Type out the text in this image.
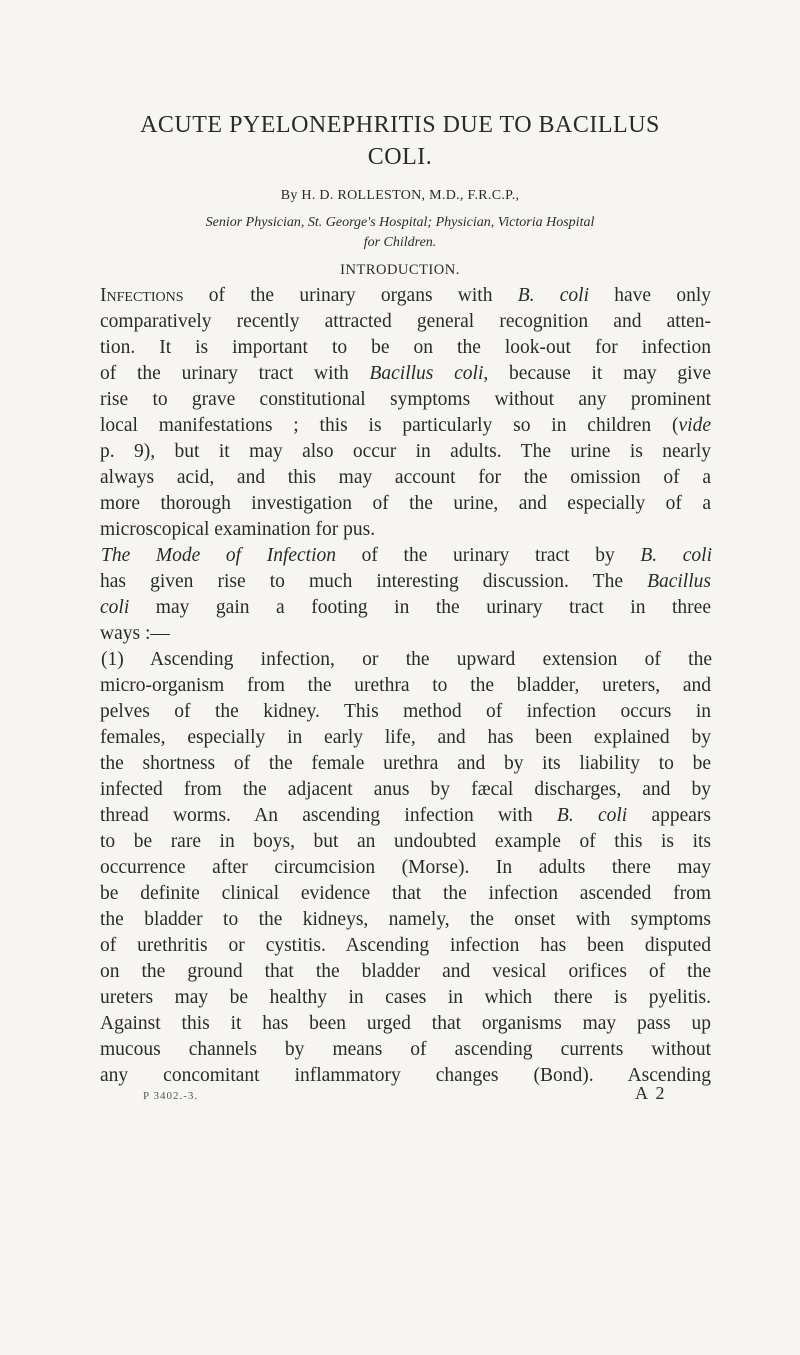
ACUTE PYELONEPHRITIS DUE TO BACILLUS
COLI.
By H. D. ROLLESTON, M.D., F.R.C.P.,
Senior Physician, St. George's Hospital; Physician, Victoria Hospital
for Children.
INTRODUCTION.
Infections of the urinary organs with B. coli have only
comparatively recently attracted general recognition and atten-
tion. It is important to be on the look-out for infection
of the urinary tract with Bacillus coli, because it may give
rise to grave constitutional symptoms without any prominent
local manifestations ; this is particularly so in children (vide
p. 9), but it may also occur in adults. The urine is nearly
always acid, and this may account for the omission of a
more thorough investigation of the urine, and especially of a
microscopical examination for pus.
The Mode of Infection of the urinary tract by B. coli
has given rise to much interesting discussion. The Bacillus
coli may gain a footing in the urinary tract in three
ways :—
(1) Ascending infection, or the upward extension of the
micro-organism from the urethra to the bladder, ureters, and
pelves of the kidney. This method of infection occurs in
females, especially in early life, and has been explained by
the shortness of the female urethra and by its liability to be
infected from the adjacent anus by fæcal discharges, and by
thread worms. An ascending infection with B. coli appears
to be rare in boys, but an undoubted example of this is its
occurrence after circumcision (Morse). In adults there may
be definite clinical evidence that the infection ascended from
the bladder to the kidneys, namely, the onset with symptoms
of urethritis or cystitis. Ascending infection has been disputed
on the ground that the bladder and vesical orifices of the
ureters may be healthy in cases in which there is pyelitis.
Against this it has been urged that organisms may pass up
mucous channels by means of ascending currents without
any concomitant inflammatory changes (Bond). Ascending
P 3402.-3.	A 2
